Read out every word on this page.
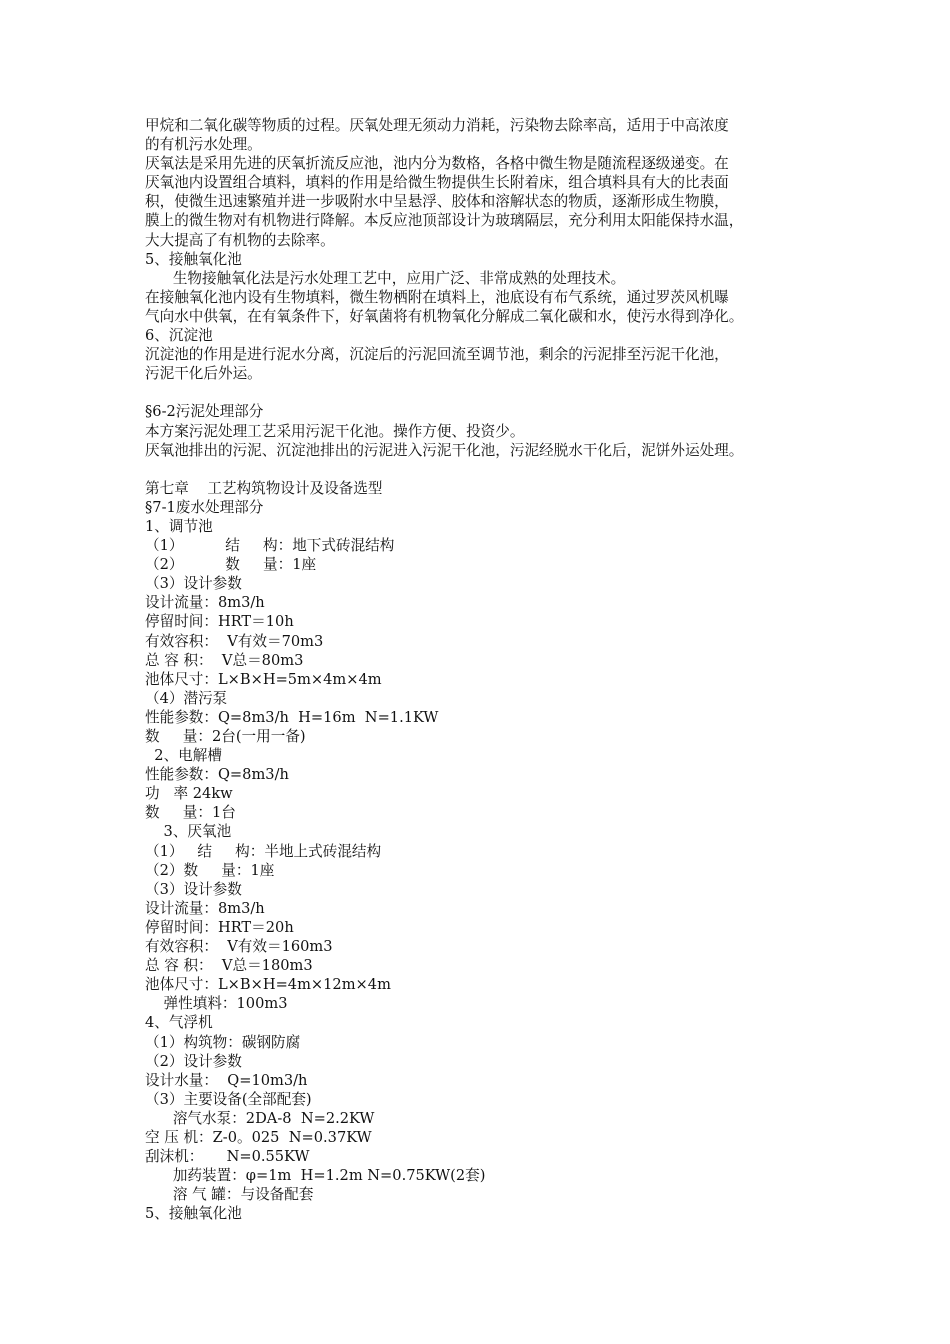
甲烷和二氧化碳等物质的过程。厌氧处理无须动力消耗，污染物去除率高，适用于中高浓度
的有机污水处理。
厌氧法是采用先进的厌氧折流反应池，池内分为数格，各格中微生物是随流程逐级递变。在
厌氧池内设置组合填料，填料的作用是给微生物提供生长附着床，组合填料具有大的比表面
积，使微生迅速繁殖并进一步吸附水中呈悬浮、胶体和溶解状态的物质，逐渐形成生物膜，
膜上的微生物对有机物进行降解。本反应池顶部设计为玻璃隔层，充分利用太阳能保持水温，
大大提高了有机物的去除率。
5、接触氧化池
生物接触氧化法是污水处理工艺中，应用广泛、非常成熟的处理技术。
在接触氧化池内设有生物填料，微生物栖附在填料上，池底设有布气系统，通过罗茨风机曝
气向水中供氧，在有氧条件下，好氧菌将有机物氧化分解成二氧化碳和水，使污水得到净化。
6、沉淀池
沉淀池的作用是进行泥水分离，沉淀后的污泥回流至调节池，剩余的污泥排至污泥干化池，
污泥干化后外运。
§6-2污泥处理部分
本方案污泥处理工艺采用污泥干化池。操作方便、投资少。
厌氧池排出的污泥、沉淀池排出的污泥进入污泥干化池，污泥经脱水干化后，泥饼外运处理。
第七章    工艺构筑物设计及设备选型
§7-1废水处理部分
1、调节池
（1）         结     构：地下式砖混结构
（2）         数     量：1座
（3）设计参数
设计流量：8m3/h
停留时间：HRT＝10h
有效容积：  V有效＝70m3
总 容 积：  V总＝80m3
池体尺寸：L×B×H=5m×4m×4m
（4）潜污泵
性能参数：Q=8m3/h  H=16m  N=1.1KW
数     量：2台(一用一备)
2、电解槽
性能参数：Q=8m3/h
功   率 24kw
数     量：1台
3、厌氧池
（1）   结     构：半地上式砖混结构
（2）数     量：1座
（3）设计参数
设计流量：8m3/h
停留时间：HRT＝20h
有效容积：  V有效＝160m3
总 容 积：  V总＝180m3
池体尺寸：L×B×H=4m×12m×4m
弹性填料：100m3
4、气浮机
（1）构筑物：碳钢防腐
（2）设计参数
设计水量：  Q=10m3/h
（3）主要设备(全部配套)
溶气水泵：2DA-8  N=2.2KW
空 压 机：Z-0。025  N=0.37KW
刮沫机：     N=0.55KW
加药装置：φ=1m  H=1.2m N=0.75KW(2套)
溶 气 罐：与设备配套
5、接触氧化池
